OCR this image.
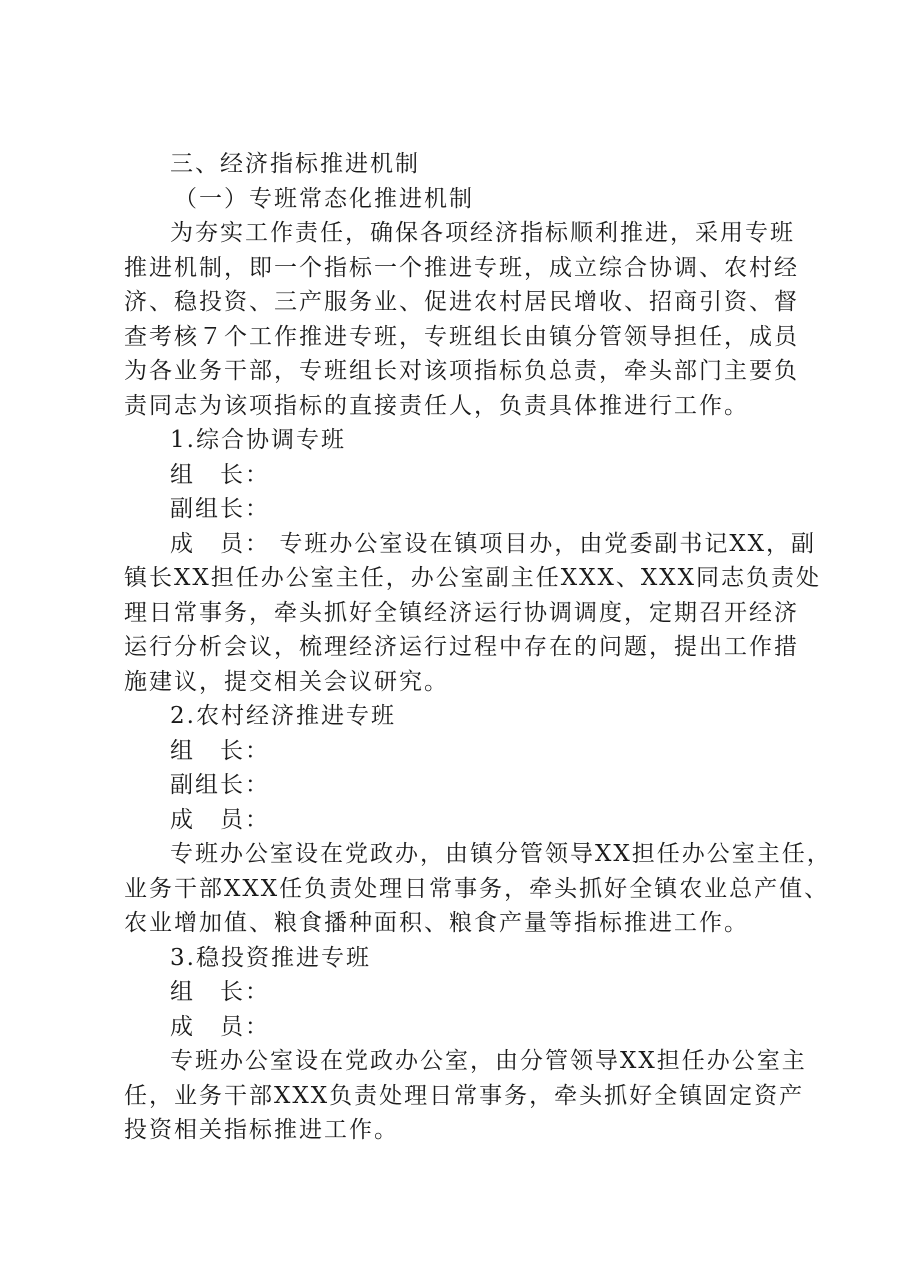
三、经济指标推进机制
（一）专班常态化推进机制
为夯实工作责任，确保各项经济指标顺利推进，采用专班
推进机制，即一个指标一个推进专班，成立综合协调、农村经
济、稳投资、三产服务业、促进农村居民增收、招商引资、督
查考核７个工作推进专班，专班组长由镇分管领导担任，成员
为各业务干部，专班组长对该项指标负总责，牵头部门主要负
责同志为该项指标的直接责任人，负责具体推进行工作。
1.综合协调专班
组　长：
副组长：
成　员： 专班办公室设在镇项目办，由党委副书记XX，副
镇长XX担任办公室主任，办公室副主任XXX、XXX同志负责处
理日常事务，牵头抓好全镇经济运行协调调度，定期召开经济
运行分析会议，梳理经济运行过程中存在的问题，提出工作措
施建议，提交相关会议研究。
2.农村经济推进专班
组　长：
副组长：
成　员：
专班办公室设在党政办，由镇分管领导XX担任办公室主任，
业务干部XXX任负责处理日常事务，牵头抓好全镇农业总产值、
农业增加值、粮食播种面积、粮食产量等指标推进工作。
3.稳投资推进专班
组　长：
成　员：
专班办公室设在党政办公室，由分管领导XX担任办公室主
任，业务干部XXX负责处理日常事务，牵头抓好全镇固定资产
投资相关指标推进工作。
